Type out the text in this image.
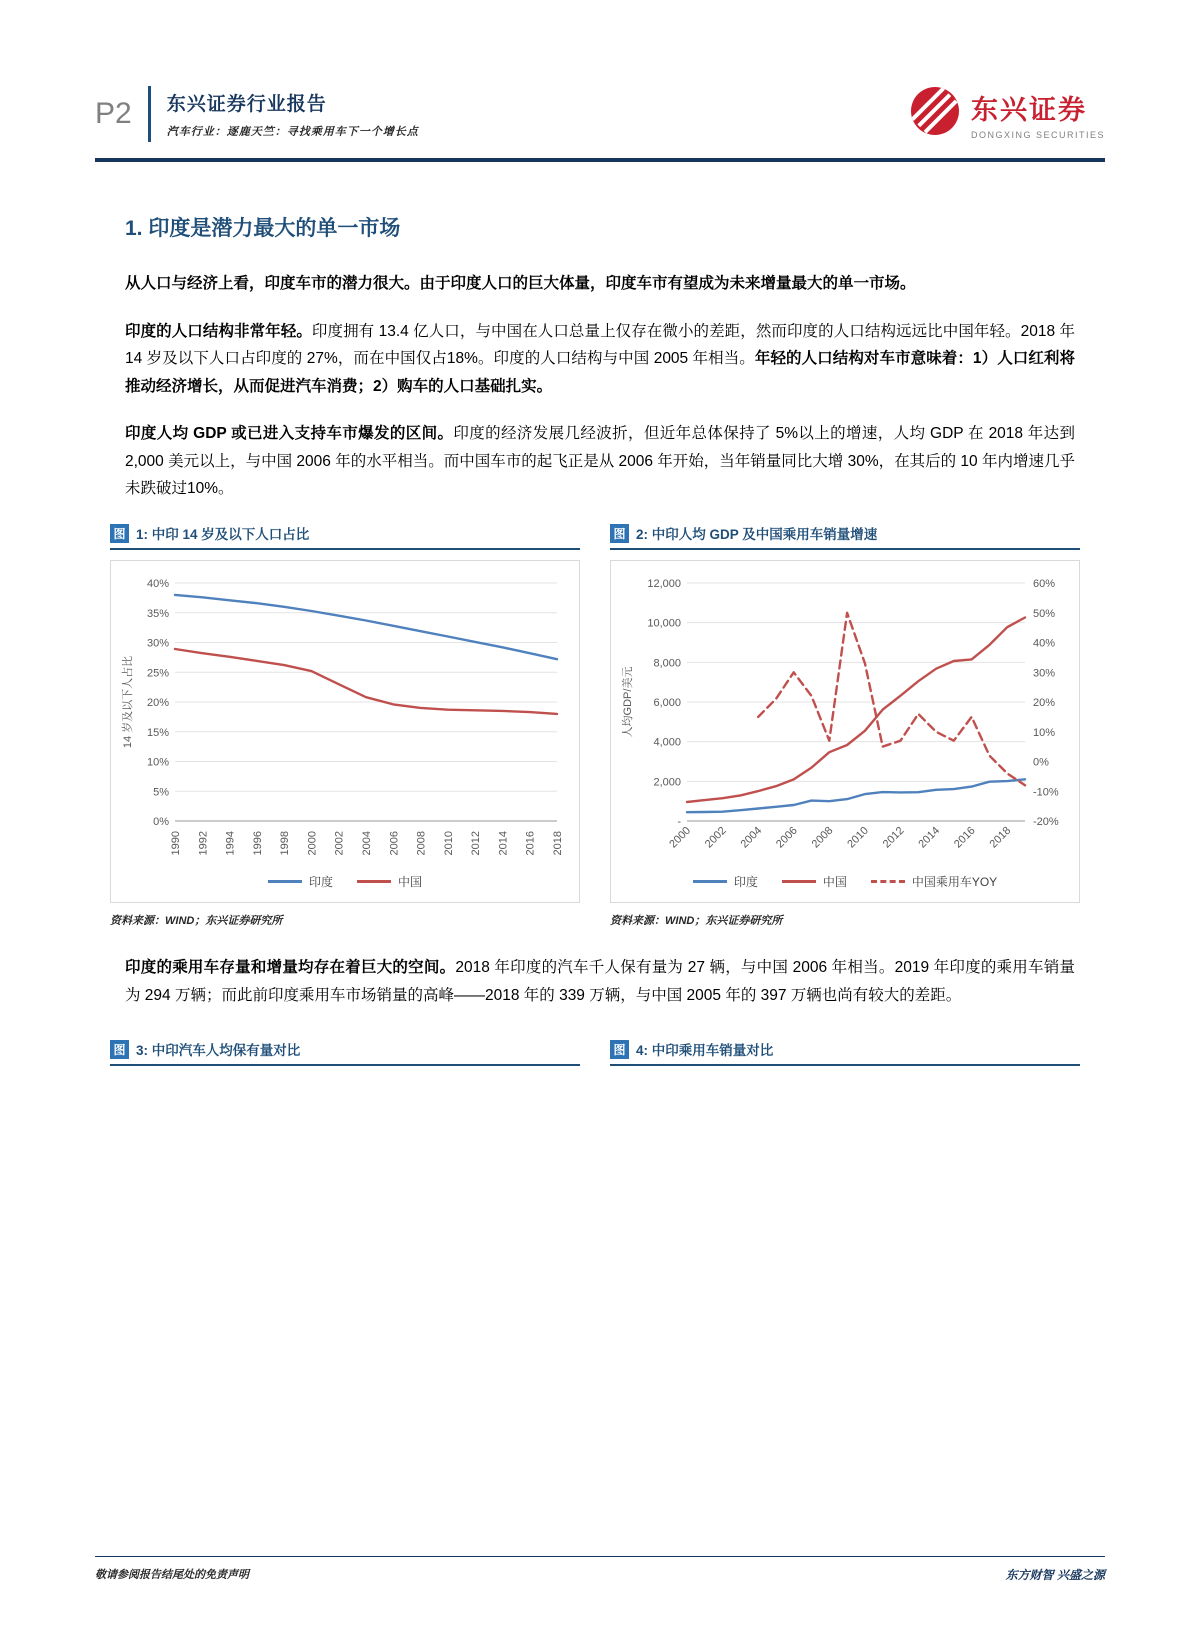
P2 东兴证券行业报告
汽车行业：逐鹿天竺：寻找乘用车下一个增长点
东兴证券
DONGXING SECURITIES
1. 印度是潜力最大的单一市场
从人口与经济上看，印度车市的潜力很大。由于印度人口的巨大体量，印度车市有望成为未来增量最大的单一市场。
印度的人口结构非常年轻。印度拥有 13.4 亿人口，与中国在人口总量上仅存在微小的差距，然而印度的人口结构远远比中国年轻。2018 年 14 岁及以下人口占印度的 27%，而在中国仅占18%。印度的人口结构与中国 2005 年相当。年轻的人口结构对车市意味着：1）人口红利将推动经济增长，从而促进汽车消费；2）购车的人口基础扎实。
印度人均 GDP 或已进入支持车市爆发的区间。印度的经济发展几经波折，但近年总体保持了 5%以上的增速，人均 GDP 在 2018 年达到 2,000 美元以上，与中国 2006 年的水平相当。而中国车市的起飞正是从 2006 年开始，当年销量同比大增 30%，在其后的 10 年内增速几乎未跌破过10%。
图 1: 中印 14 岁及以下人口占比
0%
5%
10%
15%
20%
25%
30%
35%
40%
1990 1992 1994 1996 1998 2000 2002 2004 2006 2008 2010 2012 2014 2016 2018
14 岁及以下人占比
印度	中国
资料来源：WIND；东兴证券研究所
图 2: 中印人均 GDP 及中国乘用车销量增速
-
2,000
4,000
6,000
8,000
10,000
12,000
-20%
-10%
0%
10%
20%
30%
40%
50%
60%
2000 2002 2004 2006 2008 2010 2012 2014 2016 2018
人均GDP/美元
印度	中国	中国乘用车YOY
资料来源：WIND；东兴证券研究所
印度的乘用车存量和增量均存在着巨大的空间。2018 年印度的汽车千人保有量为 27 辆，与中国 2006 年相当。2019 年印度的乘用车销量为 294 万辆；而此前印度乘用车市场销量的高峰——2018 年的 339 万辆，与中国 2005 年的 397 万辆也尚有较大的差距。
图 3: 中印汽车人均保有量对比	图 4: 中印乘用车销量对比
敬请参阅报告结尾处的免责声明	东方财智 兴盛之源
